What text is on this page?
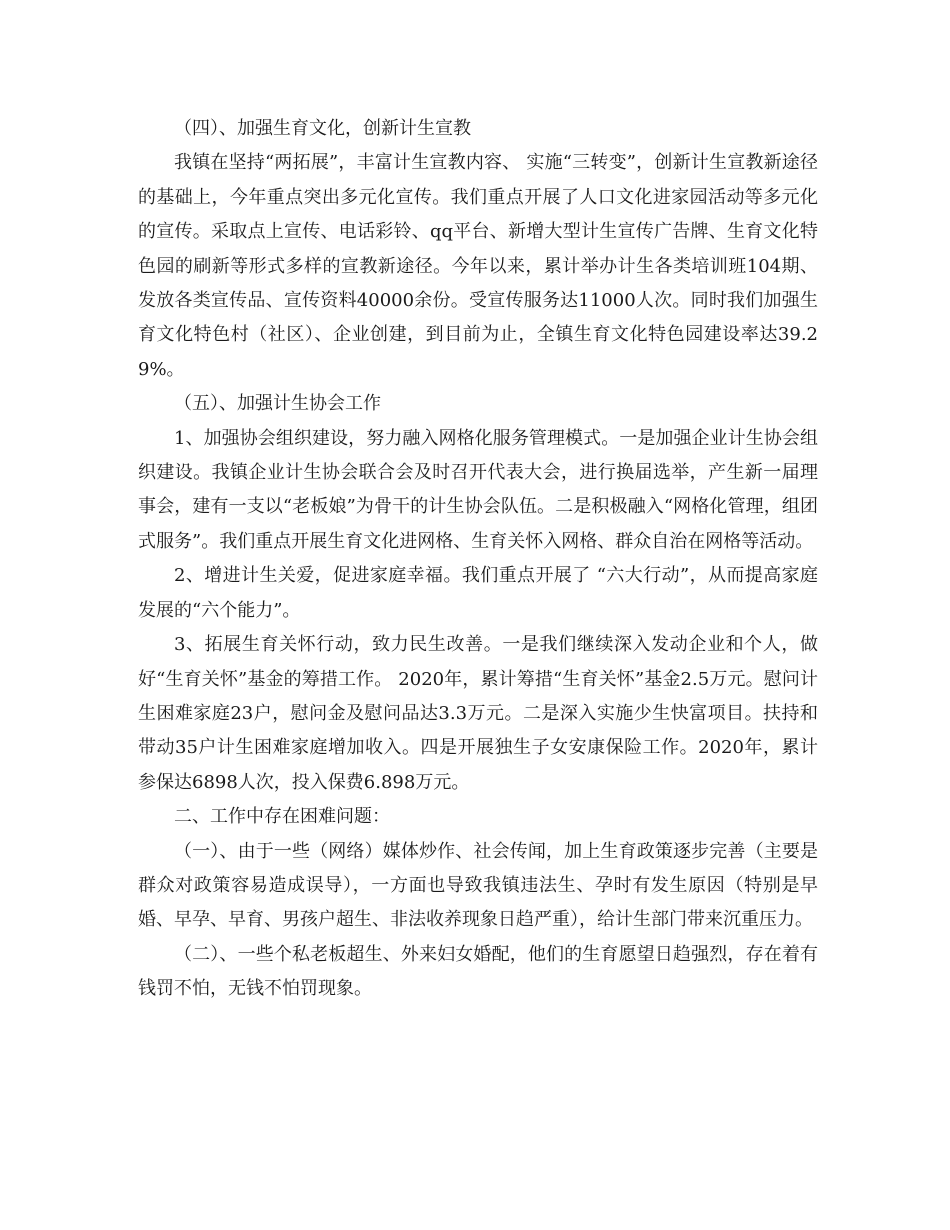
（四）、加强生育文化，创新计生宣教

我镇在坚持“两拓展”，丰富计生宣教内容、 实施“三转变”，创新计生宣教新途径的基础上，今年重点突出多元化宣传。我们重点开展了人口文化进家园活动等多元化的宣传。采取点上宣传、电话彩铃、qq平台、新增大型计生宣传广告牌、生育文化特色园的刷新等形式多样的宣教新途径。今年以来，累计举办计生各类培训班104期、发放各类宣传品、宣传资料40000余份。受宣传服务达11000人次。同时我们加强生育文化特色村（社区）、企业创建，到目前为止，全镇生育文化特色园建设率达39.29%。

（五）、加强计生协会工作

1、加强协会组织建设，努力融入网格化服务管理模式。一是加强企业计生协会组织建设。我镇企业计生协会联合会及时召开代表大会，进行换届选举，产生新一届理事会，建有一支以“老板娘”为骨干的计生协会队伍。二是积极融入“网格化管理，组团式服务”。我们重点开展生育文化进网格、生育关怀入网格、群众自治在网格等活动。

2、增进计生关爱，促进家庭幸福。我们重点开展了 “六大行动”，从而提高家庭发展的“六个能力”。

3、拓展生育关怀行动，致力民生改善。一是我们继续深入发动企业和个人，做好“生育关怀”基金的筹措工作。 2020年，累计筹措“生育关怀”基金2.5万元。慰问计生困难家庭23户，慰问金及慰问品达3.3万元。二是深入实施少生快富项目。扶持和带动35户计生困难家庭增加收入。四是开展独生子女安康保险工作。2020年，累计参保达6898人次，投入保费6.898万元。

二、工作中存在困难问题：

（一）、由于一些（网络）媒体炒作、社会传闻，加上生育政策逐步完善（主要是群众对政策容易造成误导），一方面也导致我镇违法生、孕时有发生原因（特别是早婚、早孕、早育、男孩户超生、非法收养现象日趋严重），给计生部门带来沉重压力。

（二）、一些个私老板超生、外来妇女婚配，他们的生育愿望日趋强烈，存在着有钱罚不怕，无钱不怕罚现象。
